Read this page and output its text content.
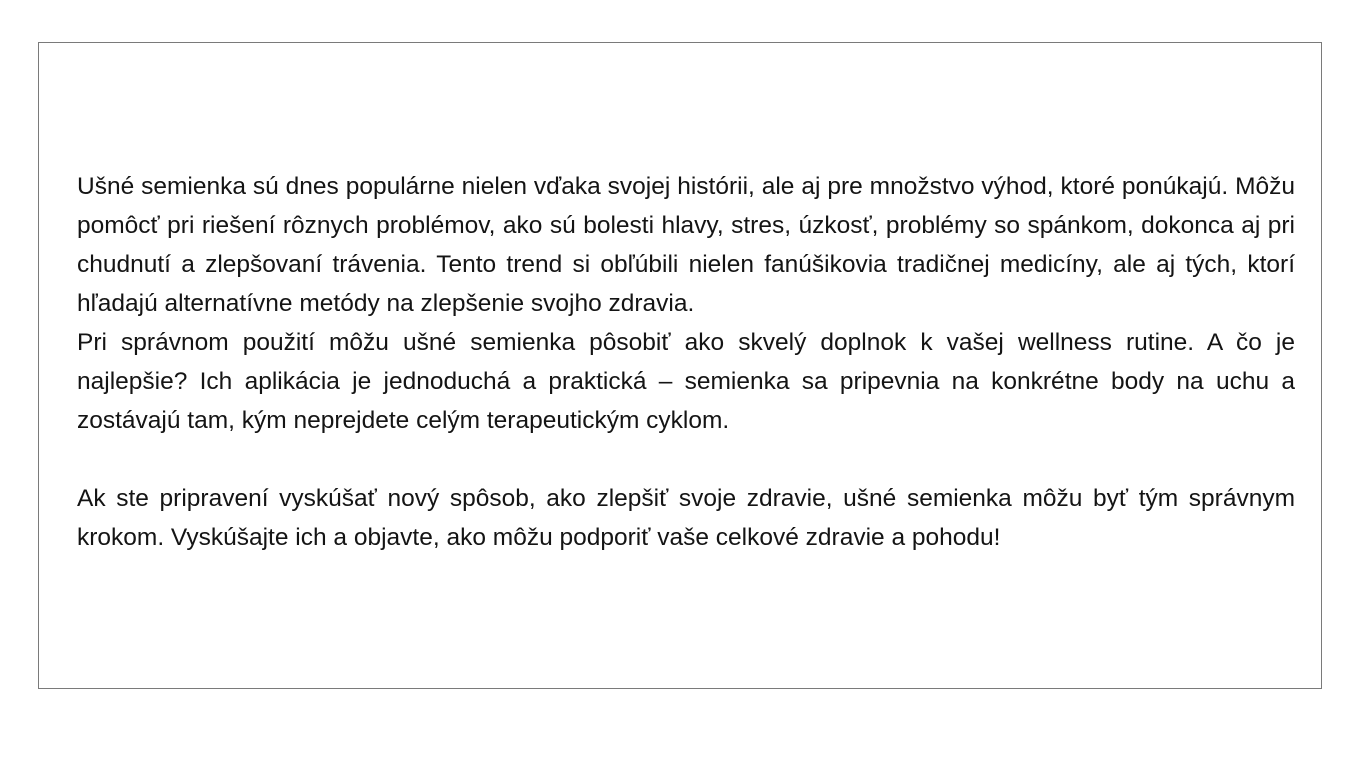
Ušné semienka sú dnes populárne nielen vďaka svojej histórii, ale aj pre množstvo výhod, ktoré ponúkajú. Môžu pomôcť pri riešení rôznych problémov, ako sú bolesti hlavy, stres, úzkosť, problémy so spánkom, dokonca aj pri chudnutí a zlepšovaní trávenia. Tento trend si obľúbili nielen fanúšikovia tradičnej medicíny, ale aj tých, ktorí hľadajú alternatívne metódy na zlepšenie svojho zdravia.

Pri správnom použití môžu ušné semienka pôsobiť ako skvelý doplnok k vašej wellness rutine. A čo je najlepšie? Ich aplikácia je jednoduchá a praktická – semienka sa pripevnia na konkrétne body na uchu a zostávajú tam, kým neprejdete celým terapeutickým cyklom.

Ak ste pripravení vyskúšať nový spôsob, ako zlepšiť svoje zdravie, ušné semienka môžu byť tým správnym krokom. Vyskúšajte ich a objavte, ako môžu podporiť vaše celkové zdravie a pohodu!
